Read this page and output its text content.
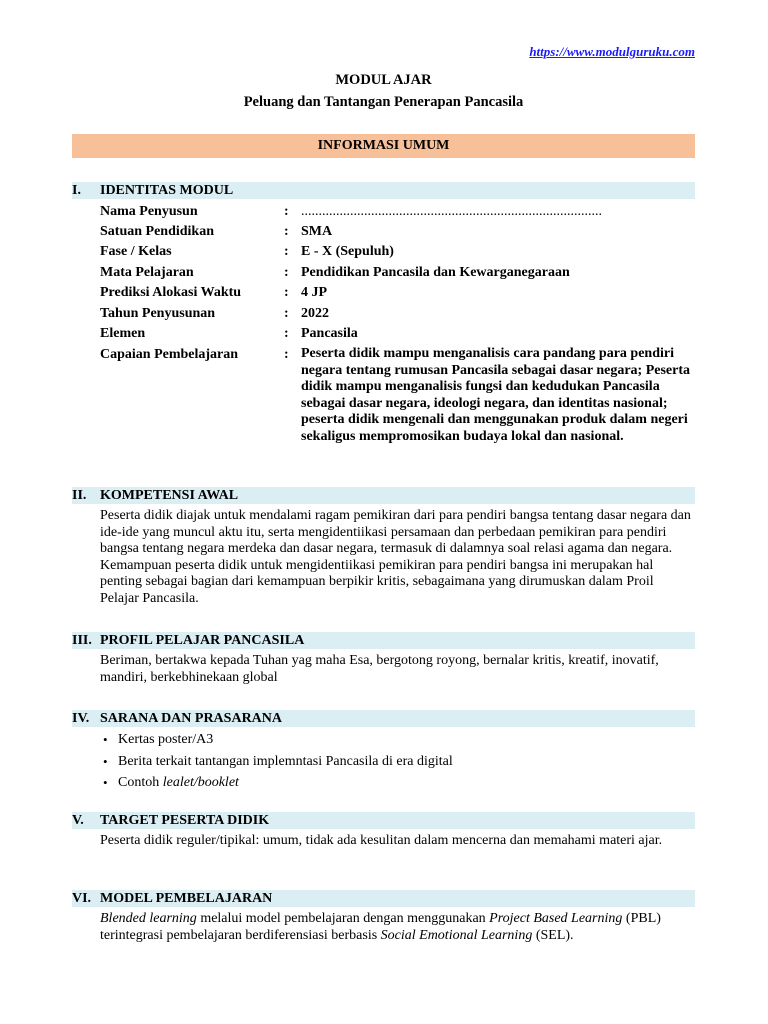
https://www.modulguruku.com
MODUL AJAR
Peluang dan Tantangan Penerapan Pancasila
INFORMASI UMUM
I. IDENTITAS MODUL
Nama Penyusun	: ......................................................................................
Satuan Pendidikan	: SMA
Fase / Kelas	: E - X (Sepuluh)
Mata Pelajaran	: Pendidikan Pancasila dan Kewarganegaraan
Prediksi Alokasi Waktu	: 4 JP
Tahun Penyusunan	: 2022
Elemen	: Pancasila
Capaian Pembelajaran	: Peserta didik mampu menganalisis cara pandang para pendiri negara tentang rumusan Pancasila sebagai dasar negara; Peserta didik mampu menganalisis fungsi dan kedudukan Pancasila sebagai dasar negara, ideologi negara, dan identitas nasional; peserta didik mengenali dan menggunakan produk dalam negeri sekaligus mempromosikan budaya lokal dan nasional.
II. KOMPETENSI AWAL
Peserta didik diajak untuk mendalami ragam pemikiran dari para pendiri bangsa tentang dasar negara dan ide-ide yang muncul aktu itu, serta mengidentiikasi persamaan dan perbedaan pemikiran para pendiri bangsa tentang negara merdeka dan dasar negara, termasuk di dalamnya soal relasi agama dan negara. Kemampuan peserta didik untuk mengidentiikasi pemikiran para pendiri bangsa ini merupakan hal penting sebagai bagian dari kemampuan berpikir kritis, sebagaimana yang dirumuskan dalam Proil Pelajar Pancasila.
III. PROFIL PELAJAR PANCASILA
Beriman, bertakwa kepada Tuhan yag maha Esa, bergotong royong, bernalar kritis, kreatif, inovatif, mandiri, berkebhinekaan global
IV. SARANA DAN PRASARANA
• Kertas poster/A3
• Berita terkait tantangan implemntasi Pancasila di era digital
• Contoh lealet/booklet
V. TARGET PESERTA DIDIK
Peserta didik reguler/tipikal: umum, tidak ada kesulitan dalam mencerna dan memahami materi ajar.
VI. MODEL PEMBELAJARAN
Blended learning melalui model pembelajaran dengan menggunakan Project Based Learning (PBL) terintegrasi pembelajaran berdiferensiasi berbasis Social Emotional Learning (SEL).
